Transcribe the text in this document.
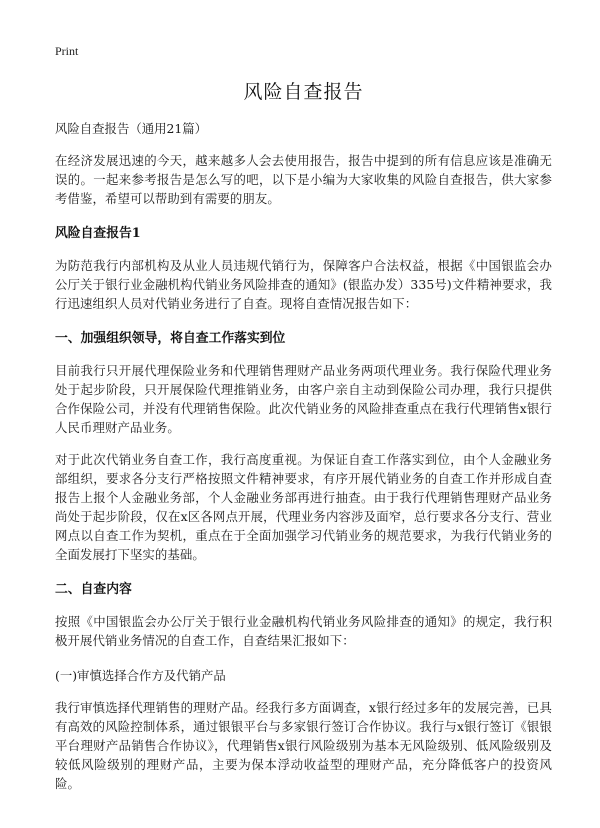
Print
风险自查报告
风险自查报告（通用21篇）

在经济发展迅速的今天，越来越多人会去使用报告，报告中提到的所有信息应该是准确无误的。一起来参考报告是怎么写的吧，以下是小编为大家收集的风险自查报告，供大家参考借鉴，希望可以帮助到有需要的朋友。

风险自查报告1

为防范我行内部机构及从业人员违规代销行为，保障客户合法权益，根据《中国银监会办公厅关于银行业金融机构代销业务风险排查的通知》(银监办发）335号)文件精神要求，我行迅速组织人员对代销业务进行了自查。现将自查情况报告如下：

一、加强组织领导，将自查工作落实到位

目前我行只开展代理保险业务和代理销售理财产品业务两项代理业务。我行保险代理业务处于起步阶段，只开展保险代理推销业务，由客户亲自主动到保险公司办理，我行只提供合作保险公司，并没有代理销售保险。此次代销业务的风险排查重点在我行代理销售x银行人民币理财产品业务。

对于此次代销业务自查工作，我行高度重视。为保证自查工作落实到位，由个人金融业务部组织，要求各分支行严格按照文件精神要求，有序开展代销业务的自查工作并形成自查报告上报个人金融业务部，个人金融业务部再进行抽查。由于我行代理销售理财产品业务尚处于起步阶段，仅在x区各网点开展，代理业务内容涉及面窄，总行要求各分支行、营业网点以自查工作为契机，重点在于全面加强学习代销业务的规范要求，为我行代销业务的全面发展打下坚实的基础。

二、自查内容

按照《中国银监会办公厅关于银行业金融机构代销业务风险排查的通知》的规定，我行积极开展代销业务情况的自查工作，自查结果汇报如下：

(一)审慎选择合作方及代销产品

我行审慎选择代理销售的理财产品。经我行多方面调查，x银行经过多年的发展完善，已具有高效的风险控制体系，通过银银平台与多家银行签订合作协议。我行与x银行签订《银银平台理财产品销售合作协议》，代理销售x银行风险级别为基本无风险级别、低风险级别及较低风险级别的理财产品，主要为保本浮动收益型的理财产品，充分降低客户的投资风险。
